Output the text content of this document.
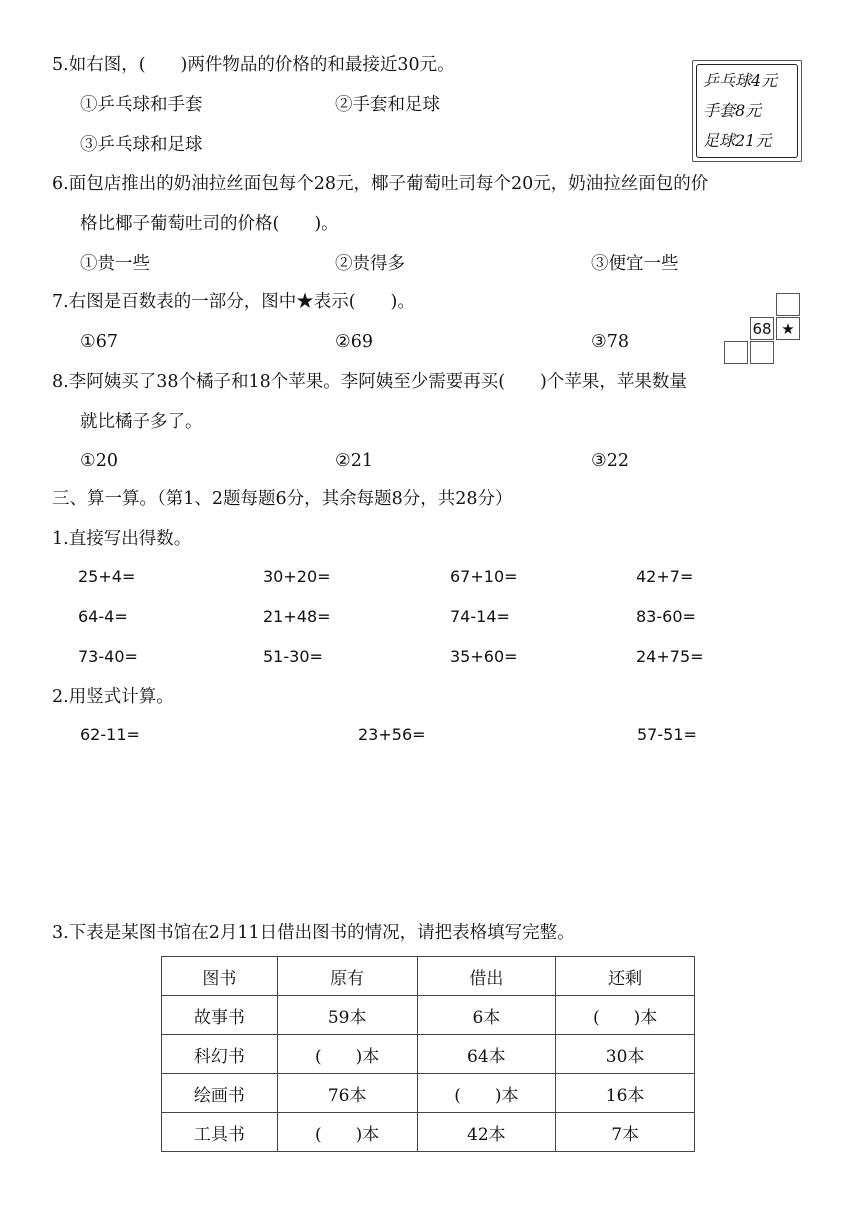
5.如右图，(　　)两件物品的价格的和最接近30元。
①乒乓球和手套	②手套和足球
③乒乓球和足球
乒乓球4元
手套8元
足球21元
6.面包店推出的奶油拉丝面包每个28元，椰子葡萄吐司每个20元，奶油拉丝面包的价
格比椰子葡萄吐司的价格(　　)。
①贵一些	②贵得多	③便宜一些
7.右图是百数表的一部分，图中★表示(　　)。
①67	②69	③78
68 ★
8.李阿姨买了38个橘子和18个苹果。李阿姨至少需要再买(　　)个苹果，苹果数量
就比橘子多了。
①20	②21	③22
三、算一算。（第1、2题每题6分，其余每题8分，共28分）
1.直接写出得数。
25+4=	30+20=	67+10=	42+7=
64-4=	21+48=	74-14=	83-60=
73-40=	51-30=	35+60=	24+75=
2.用竖式计算。
62-11=	23+56=	57-51=
3.下表是某图书馆在2月11日借出图书的情况，请把表格填写完整。
图书	原有	借出	还剩
故事书	59本	6本	(　　)本
科幻书	(　　)本	64本	30本
绘画书	76本	(　　)本	16本
工具书	(　　)本	42本	7本
